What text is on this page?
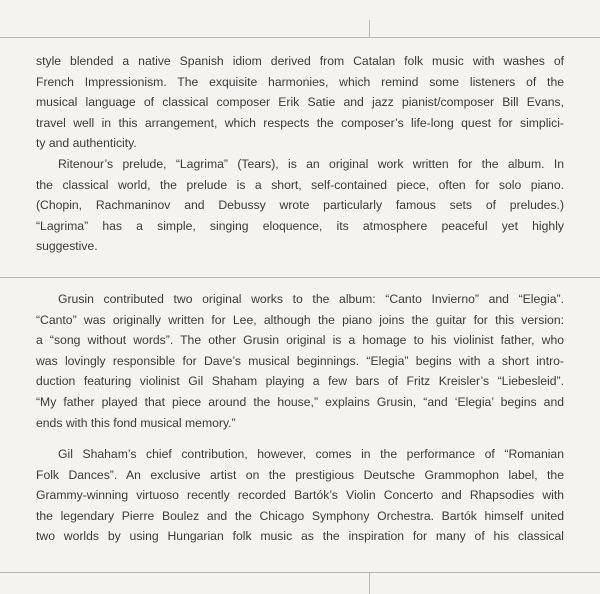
style blended a native Spanish idiom derived from Catalan folk music with washes of
French Impressionism. The exquisite harmonies, which remind some listeners of the
musical language of classical composer Erik Satie and jazz pianist/composer Bill Evans,
travel well in this arrangement, which respects the composer’s life-long quest for simplici-
ty and authenticity.

Ritenour’s prelude, “Lagrima” (Tears), is an original work written for the album. In
the classical world, the prelude is a short, self-contained piece, often for solo piano.
(Chopin, Rachmaninov and Debussy wrote particularly famous sets of preludes.)
“Lagrima” has a simple, singing eloquence, its atmosphere peaceful yet highly
suggestive.

Grusin contributed two original works to the album: “Canto Invierno” and “Elegia”.
“Canto” was originally written for Lee, although the piano joins the guitar for this version:
a “song without words”. The other Grusin original is a homage to his violinist father, who
was lovingly responsible for Dave’s musical beginnings. “Elegia” begins with a short intro-
duction featuring violinist Gil Shaham playing a few bars of Fritz Kreisler’s “Liebesleid”.
“My father played that piece around the house,” explains Grusin, “and ‘Elegia’ begins and
ends with this fond musical memory.”

Gil Shaham’s chief contribution, however, comes in the performance of “Romanian
Folk Dances”. An exclusive artist on the prestigious Deutsche Grammophon label, the
Grammy-winning virtuoso recently recorded Bartók’s Violin Concerto and Rhapsodies with
the legendary Pierre Boulez and the Chicago Symphony Orchestra. Bartók himself united
two worlds by using Hungarian folk music as the inspiration for many of his classical
